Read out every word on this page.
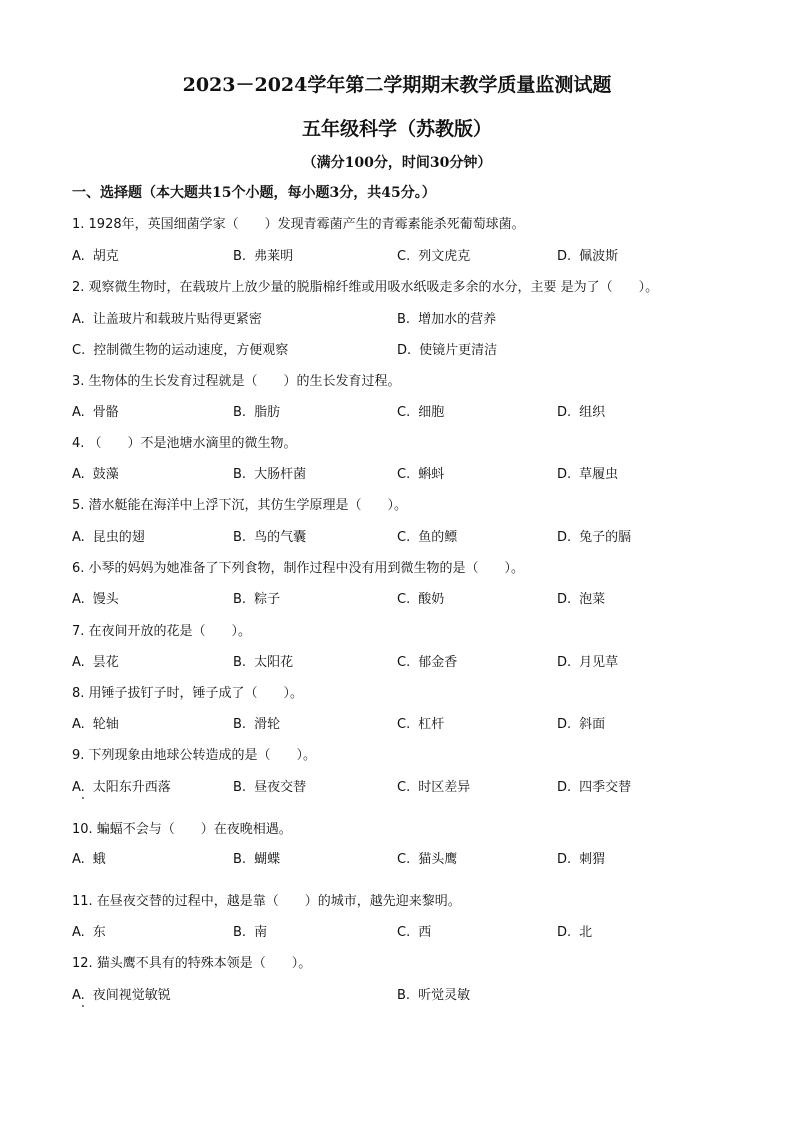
2023－2024学年第二学期期末教学质量监测试题
五年级科学（苏教版）
（满分100分，时间30分钟）
一、选择题（本大题共15个小题，每小题3分，共45分。）
1. 1928年，英国细菌学家（　　）发现青霉菌产生的青霉素能杀死葡萄球菌。
A. 胡克	B. 弗莱明	C. 列文虎克	D. 佩波斯
2. 观察微生物时，在载玻片上放少量的脱脂棉纤维或用吸水纸吸走多余的水分，主要 是为了（　　）。
A. 让盖玻片和载玻片贴得更紧密	B. 增加水的营养
C. 控制微生物的运动速度，方便观察	D. 使镜片更清洁
3. 生物体的生长发育过程就是（　　）的生长发育过程。
A. 骨骼	B. 脂肪	C. 细胞	D. 组织
4. （　　）不是池塘水滴里的微生物。
A. 鼓藻	B. 大肠杆菌	C. 蝌蚪	D. 草履虫
5. 潜水艇能在海洋中上浮下沉，其仿生学原理是（　　）。
A. 昆虫的翅	B. 鸟的气囊	C. 鱼的鳔	D. 兔子的膈
6. 小琴的妈妈为她准备了下列食物，制作过程中没有用到微生物的是（　　）。
A. 馒头	B. 粽子	C. 酸奶	D. 泡菜
7. 在夜间开放的花是（　　）。
A. 昙花	B. 太阳花	C. 郁金香	D. 月见草
8. 用锤子拔钉子时，锤子成了（　　）。
A. 轮轴	B. 滑轮	C. 杠杆	D. 斜面
9. 下列现象由地球公转造成的是（　　）。
A. 太阳东升西落	B. 昼夜交替	C. 时区差异	D. 四季交替
10. 蝙蝠不会与（　　）在夜晚相遇。
A. 蛾	B. 蝴蝶	C. 猫头鹰	D. 刺猬
11. 在昼夜交替的过程中，越是靠（　　）的城市，越先迎来黎明。
A. 东	B. 南	C. 西	D. 北
12. 猫头鹰不具有的特殊本领是（　　）。
A. 夜间视觉敏锐	B. 听觉灵敏
